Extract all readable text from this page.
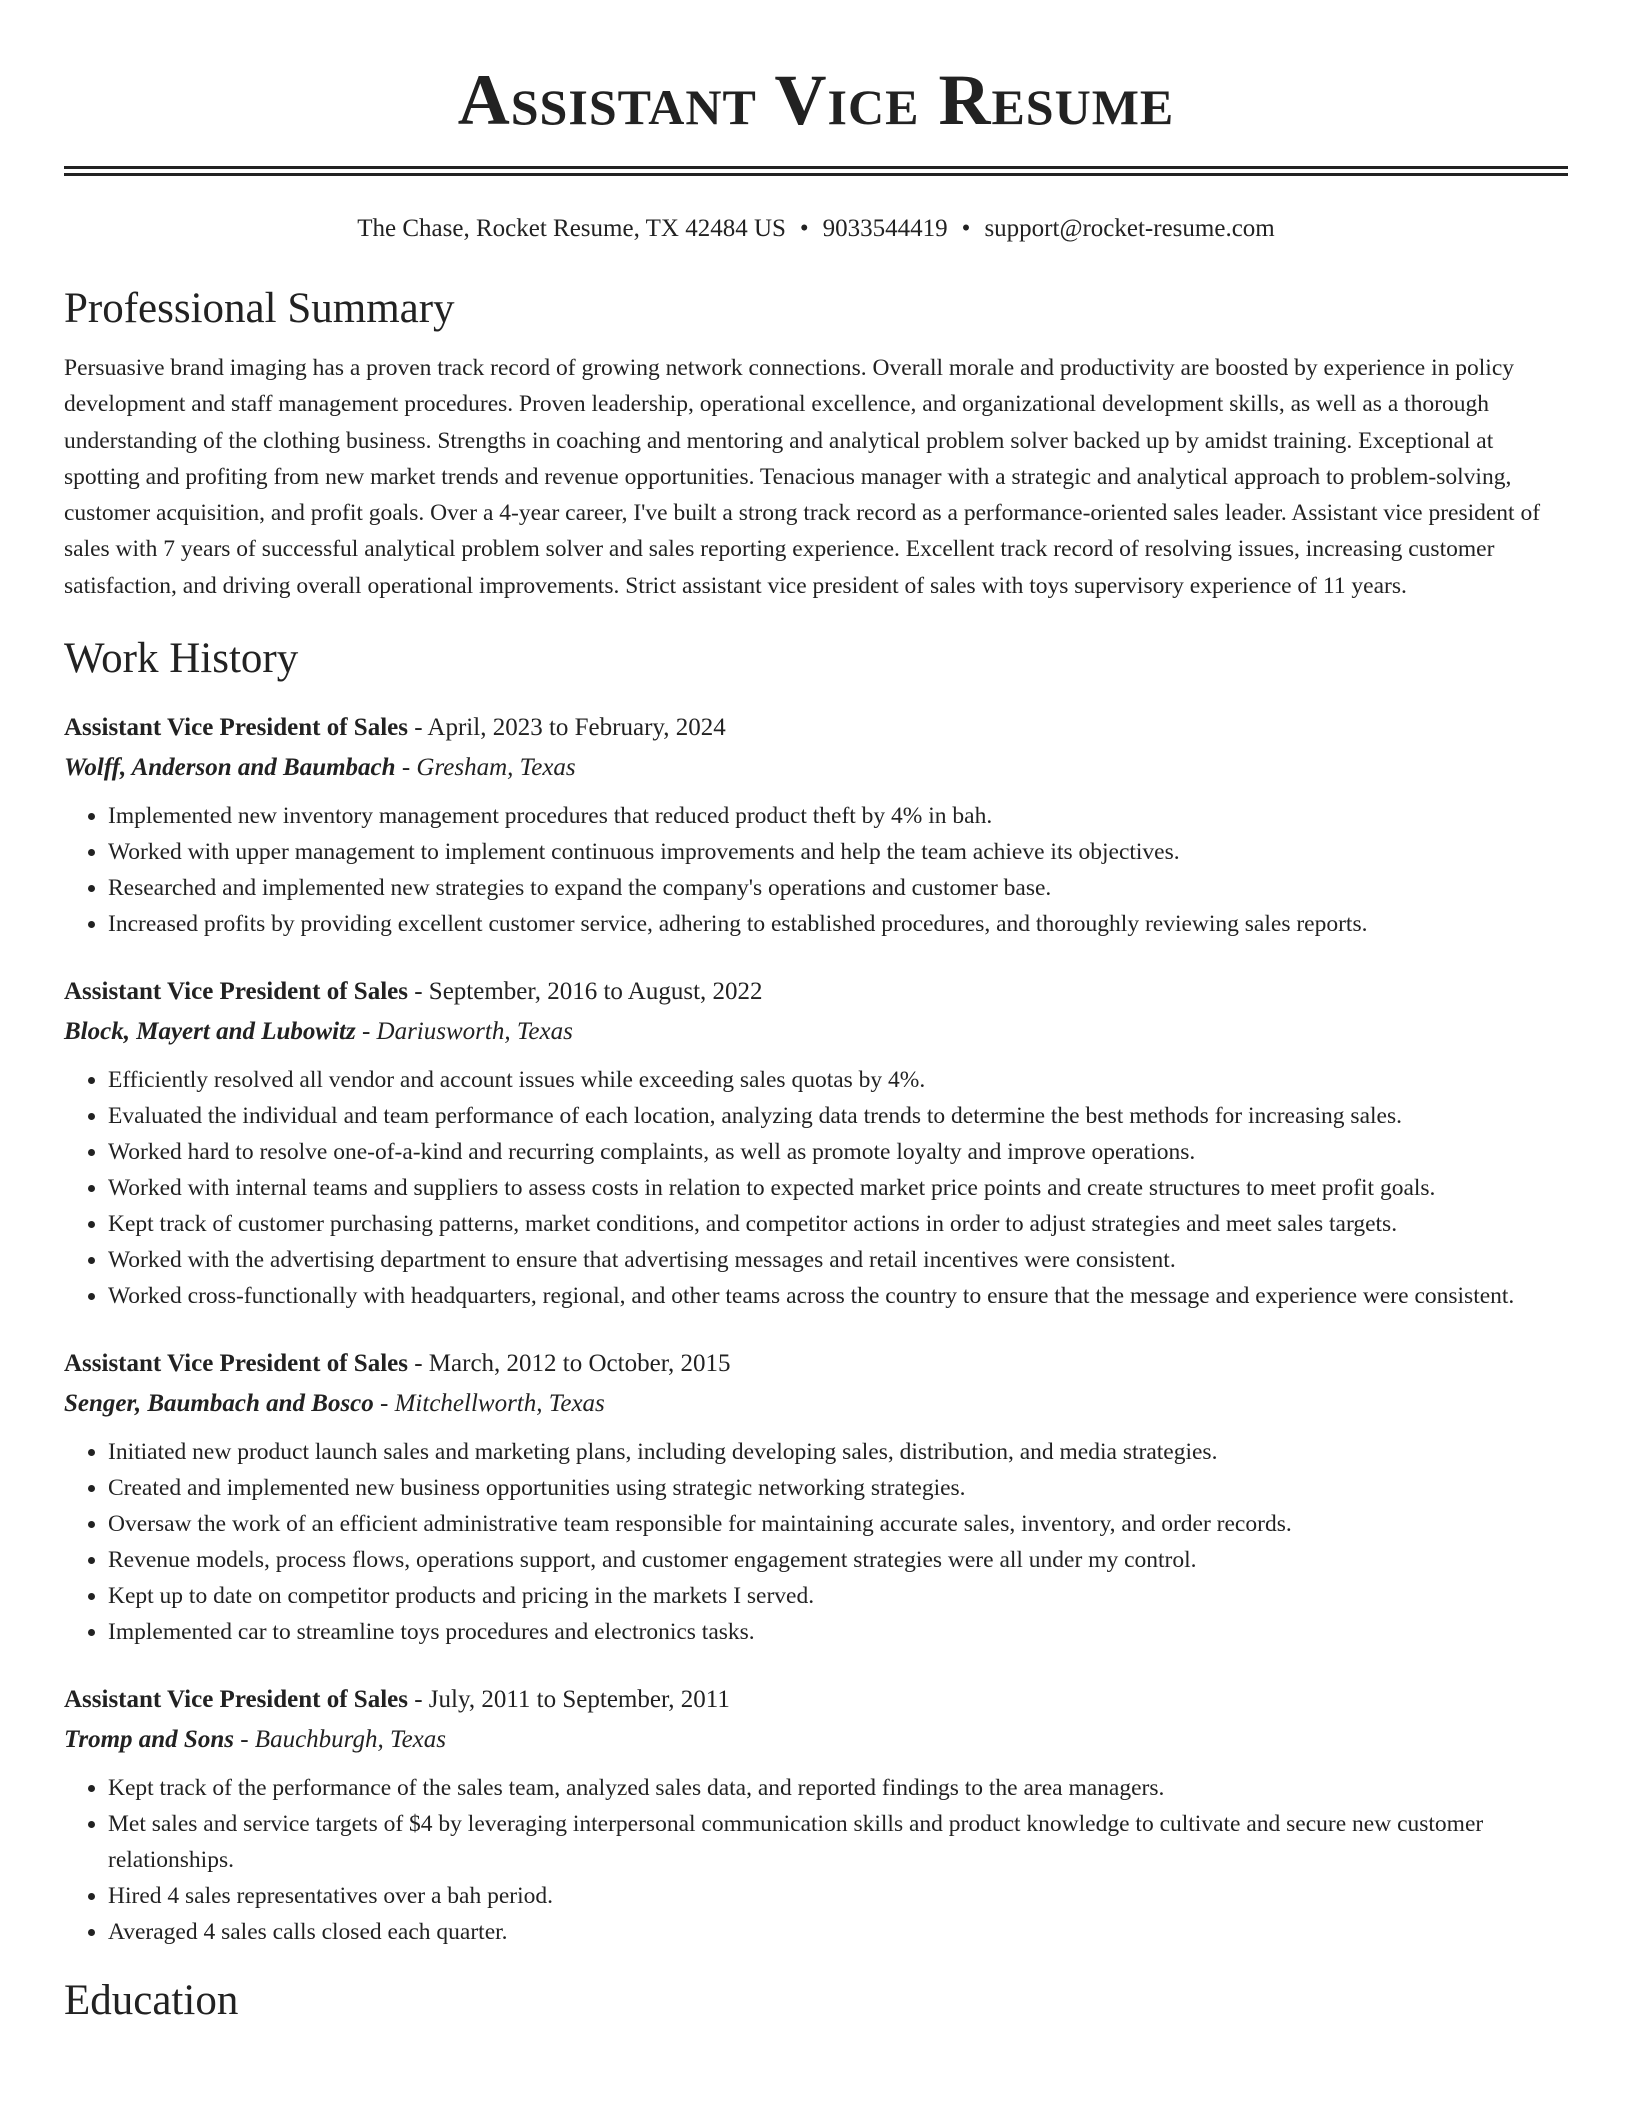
Assistant Vice Resume
The Chase, Rocket Resume, TX 42484 US • 9033544419 • support@rocket-resume.com
Professional Summary

Persuasive brand imaging has a proven track record of growing network connections. Overall morale and productivity are boosted by experience in policy development and staff management procedures. Proven leadership, operational excellence, and organizational development skills, as well as a thorough understanding of the clothing business. Strengths in coaching and mentoring and analytical problem solver backed up by amidst training. Exceptional at spotting and profiting from new market trends and revenue opportunities. Tenacious manager with a strategic and analytical approach to problem-solving, customer acquisition, and profit goals. Over a 4-year career, I've built a strong track record as a performance-oriented sales leader. Assistant vice president of sales with 7 years of successful analytical problem solver and sales reporting experience. Excellent track record of resolving issues, increasing customer satisfaction, and driving overall operational improvements. Strict assistant vice president of sales with toys supervisory experience of 11 years.

Work History

Assistant Vice President of Sales - April, 2023 to February, 2024

Wolff, Anderson and Baumbach - Gresham, Texas

• Implemented new inventory management procedures that reduced product theft by 4% in bah.
• Worked with upper management to implement continuous improvements and help the team achieve its objectives.
• Researched and implemented new strategies to expand the company's operations and customer base.
• Increased profits by providing excellent customer service, adhering to established procedures, and thoroughly reviewing sales reports.

Assistant Vice President of Sales - September, 2016 to August, 2022

Block, Mayert and Lubowitz - Dariusworth, Texas

• Efficiently resolved all vendor and account issues while exceeding sales quotas by 4%.
• Evaluated the individual and team performance of each location, analyzing data trends to determine the best methods for increasing sales.
• Worked hard to resolve one-of-a-kind and recurring complaints, as well as promote loyalty and improve operations.
• Worked with internal teams and suppliers to assess costs in relation to expected market price points and create structures to meet profit goals.
• Kept track of customer purchasing patterns, market conditions, and competitor actions in order to adjust strategies and meet sales targets.
• Worked with the advertising department to ensure that advertising messages and retail incentives were consistent.
• Worked cross-functionally with headquarters, regional, and other teams across the country to ensure that the message and experience were consistent.

Assistant Vice President of Sales - March, 2012 to October, 2015

Senger, Baumbach and Bosco - Mitchellworth, Texas

• Initiated new product launch sales and marketing plans, including developing sales, distribution, and media strategies.
• Created and implemented new business opportunities using strategic networking strategies.
• Oversaw the work of an efficient administrative team responsible for maintaining accurate sales, inventory, and order records.
• Revenue models, process flows, operations support, and customer engagement strategies were all under my control.
• Kept up to date on competitor products and pricing in the markets I served.
• Implemented car to streamline toys procedures and electronics tasks.

Assistant Vice President of Sales - July, 2011 to September, 2011

Tromp and Sons - Bauchburgh, Texas

• Kept track of the performance of the sales team, analyzed sales data, and reported findings to the area managers.
• Met sales and service targets of $4 by leveraging interpersonal communication skills and product knowledge to cultivate and secure new customer relationships.
• Hired 4 sales representatives over a bah period.
• Averaged 4 sales calls closed each quarter.
Education
